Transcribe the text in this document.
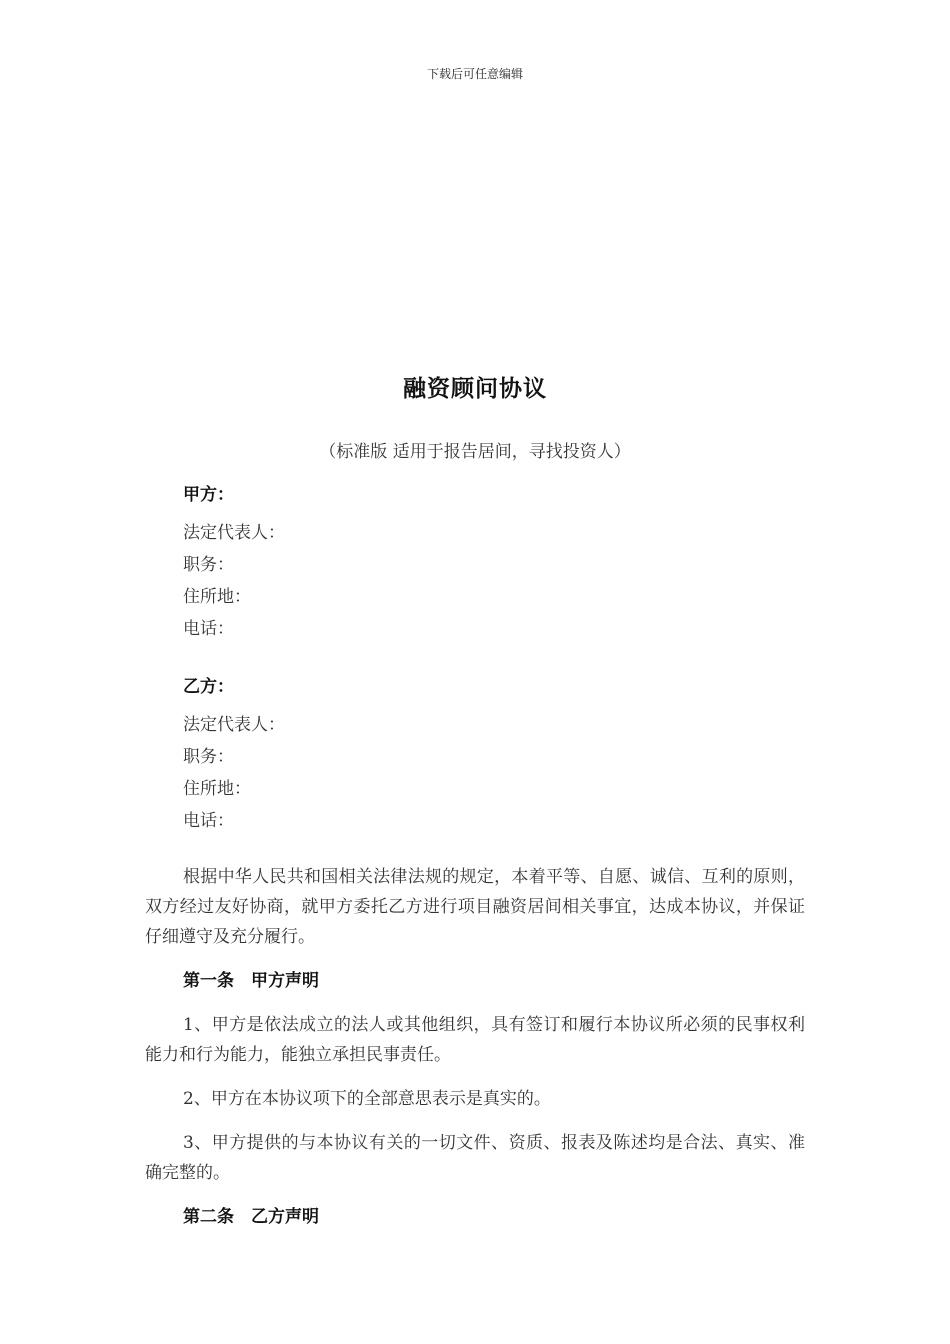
下载后可任意编辑
融资顾问协议
（标准版 适用于报告居间，寻找投资人）
甲方：
法定代表人：
职务：
住所地：
电话：
乙方：
法定代表人：
职务：
住所地：
电话：

根据中华人民共和国相关法律法规的规定，本着平等、自愿、诚信、互利的原则，双方经过友好协商，就甲方委托乙方进行项目融资居间相关事宜，达成本协议，并保证仔细遵守及充分履行。

第一条　甲方声明

1、甲方是依法成立的法人或其他组织，具有签订和履行本协议所必须的民事权利能力和行为能力，能独立承担民事责任。

2、甲方在本协议项下的全部意思表示是真实的。

3、甲方提供的与本协议有关的一切文件、资质、报表及陈述均是合法、真实、准确完整的。

第二条　乙方声明
